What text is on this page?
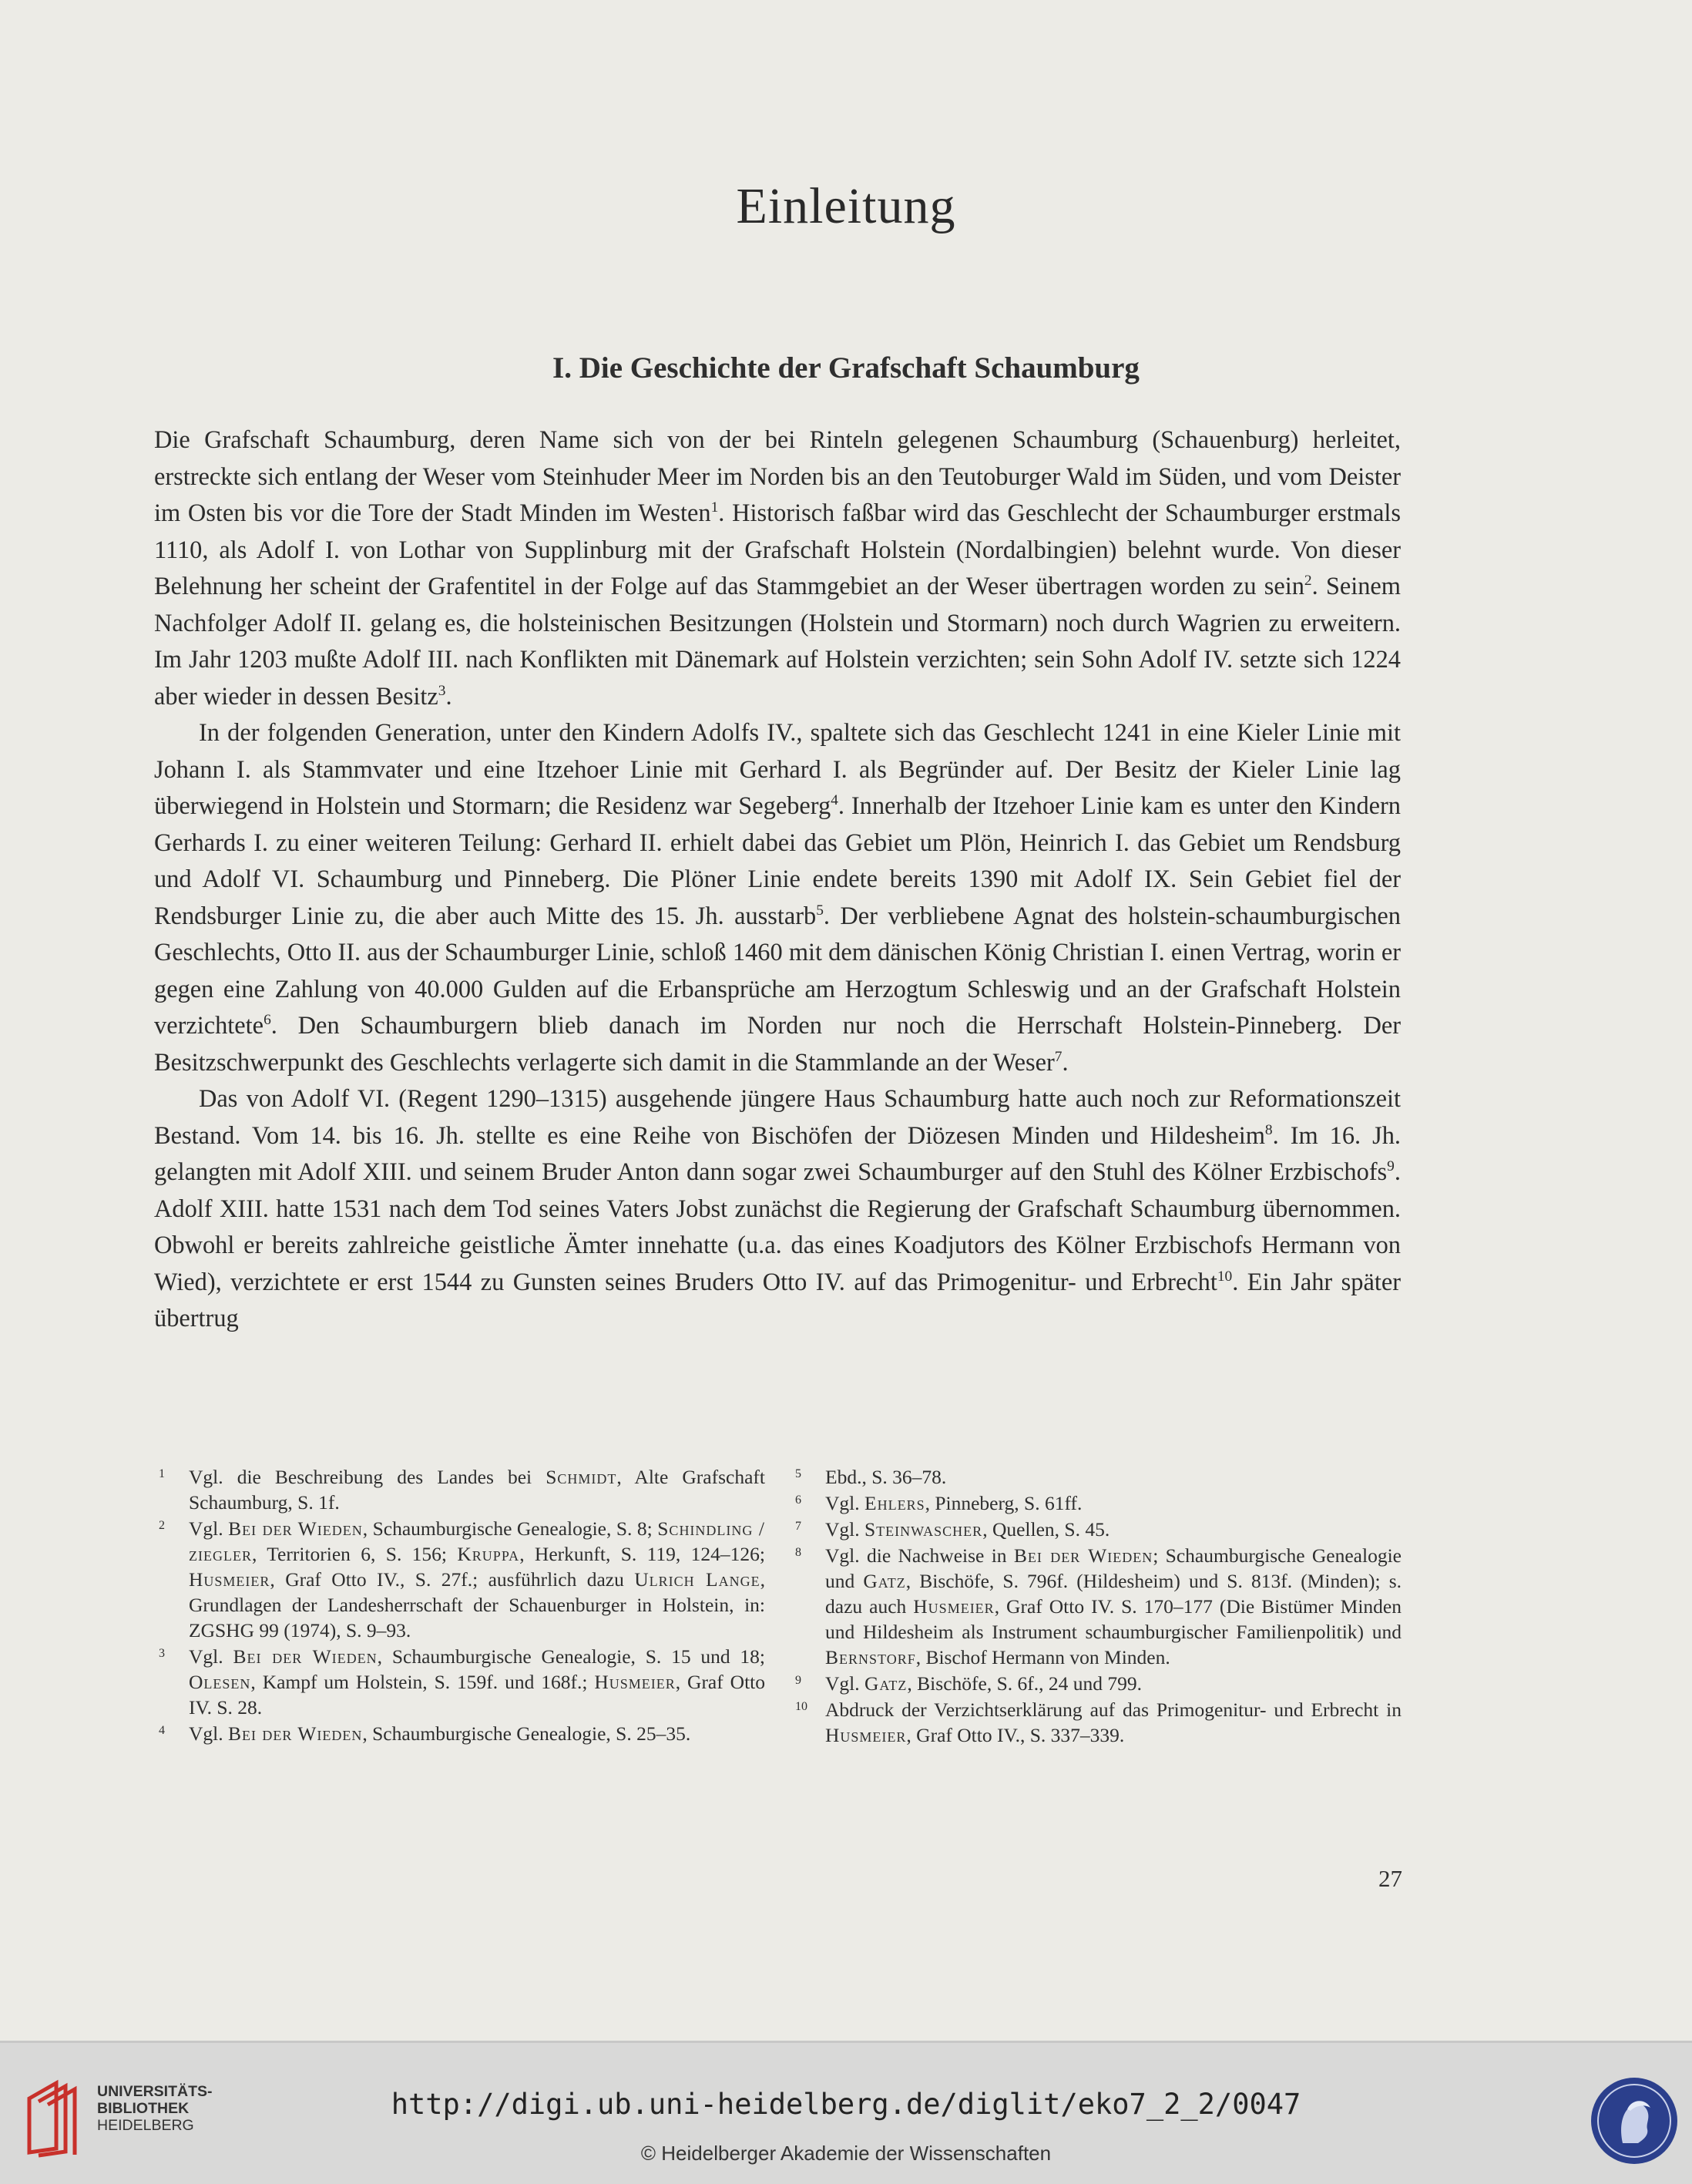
Einleitung
I. Die Geschichte der Grafschaft Schaumburg

Die Grafschaft Schaumburg, deren Name sich von der bei Rinteln gelegenen Schaumburg (Schauenburg) herleitet, erstreckte sich entlang der Weser vom Steinhuder Meer im Norden bis an den Teutoburger Wald im Süden, und vom Deister im Osten bis vor die Tore der Stadt Minden im Westen$^1$. Historisch faßbar wird das Geschlecht der Schaumburger erstmals 1110, als Adolf I. von Lothar von Supplinburg mit der Grafschaft Holstein (Nordalbingien) belehnt wurde. Von dieser Belehnung her scheint der Grafentitel in der Folge auf das Stammgebiet an der Weser übertragen worden zu sein$^2$. Seinem Nachfolger Adolf II. gelang es, die holsteinischen Besitzungen (Holstein und Stormarn) noch durch Wagrien zu erweitern. Im Jahr 1203 mußte Adolf III. nach Konflikten mit Dänemark auf Holstein verzichten; sein Sohn Adolf IV. setzte sich 1224 aber wieder in dessen Besitz$^3$.

In der folgenden Generation, unter den Kindern Adolfs IV., spaltete sich das Geschlecht 1241 in eine Kieler Linie mit Johann I. als Stammvater und eine Itzehoer Linie mit Gerhard I. als Begründer auf. Der Besitz der Kieler Linie lag überwiegend in Holstein und Stormarn; die Residenz war Segeberg$^4$. Innerhalb der Itzehoer Linie kam es unter den Kindern Gerhards I. zu einer weiteren Teilung: Gerhard II. erhielt dabei das Gebiet um Plön, Heinrich I. das Gebiet um Rendsburg und Adolf VI. Schaumburg und Pinneberg. Die Plöner Linie endete bereits 1390 mit Adolf IX. Sein Gebiet fiel der Rendsburger Linie zu, die aber auch Mitte des 15. Jh. ausstarb$^5$. Der verbliebene Agnat des holstein-schaumburgischen Geschlechts, Otto II. aus der Schaumburger Linie, schloß 1460 mit dem dänischen König Christian I. einen Vertrag, worin er gegen eine Zahlung von 40.000 Gulden auf die Erbansprüche am Herzogtum Schleswig und an der Grafschaft Holstein verzichtete$^6$. Den Schaumburgern blieb danach im Norden nur noch die Herrschaft Holstein-Pinneberg. Der Besitzschwerpunkt des Geschlechts verlagerte sich damit in die Stammlande an der Weser$^7$.

Das von Adolf VI. (Regent 1290–1315) ausgehende jüngere Haus Schaumburg hatte auch noch zur Reformationszeit Bestand. Vom 14. bis 16. Jh. stellte es eine Reihe von Bischöfen der Diözesen Minden und Hildesheim$^8$. Im 16. Jh. gelangten mit Adolf XIII. und seinem Bruder Anton dann sogar zwei Schaumburger auf den Stuhl des Kölner Erzbischofs$^9$. Adolf XIII. hatte 1531 nach dem Tod seines Vaters Jobst zunächst die Regierung der Grafschaft Schaumburg übernommen. Obwohl er bereits zahlreiche geistliche Ämter innehatte (u.a. das eines Koadjutors des Kölner Erzbischofs Hermann von Wied), verzichtete er erst 1544 zu Gunsten seines Bruders Otto IV. auf das Primogenitur- und Erbrecht$^{10}$. Ein Jahr später übertrug

1 Vgl. die Beschreibung des Landes bei Schmidt, Alte Grafschaft Schaumburg, S. 1f.
2 Vgl. Bei der Wieden, Schaumburgische Genealogie, S. 8; Schindling / ziegler, Territorien 6, S. 156; Kruppa, Herkunft, S. 119, 124–126; Husmeier, Graf Otto IV., S. 27f.; ausführlich dazu Ulrich Lange, Grundlagen der Landesherrschaft der Schauenburger in Holstein, in: ZGSHG 99 (1974), S. 9–93.
3 Vgl. Bei der Wieden, Schaumburgische Genealogie, S. 15 und 18; Olesen, Kampf um Holstein, S. 159f. und 168f.; Husmeier, Graf Otto IV. S. 28.
4 Vgl. Bei der Wieden, Schaumburgische Genealogie, S. 25–35.
5 Ebd., S. 36–78.
6 Vgl. Ehlers, Pinneberg, S. 61ff.
7 Vgl. Steinwascher, Quellen, S. 45.
8 Vgl. die Nachweise in Bei der Wieden; Schaumburgische Genealogie und Gatz, Bischöfe, S. 796f. (Hildesheim) und S. 813f. (Minden); s. dazu auch Husmeier, Graf Otto IV. S. 170–177 (Die Bistümer Minden und Hildesheim als Instrument schaumburgischer Familienpolitik) und Bernstorf, Bischof Hermann von Minden.
9 Vgl. Gatz, Bischöfe, S. 6f., 24 und 799.
10 Abdruck der Verzichtserklärung auf das Primogenitur- und Erbrecht in Husmeier, Graf Otto IV., S. 337–339.
27
UNIVERSITÄTS-
BIBLIOTHEK
HEIDELBERG
http://digi.ub.uni-heidelberg.de/diglit/eko7_2_2/0047
© Heidelberger Akademie der Wissenschaften
